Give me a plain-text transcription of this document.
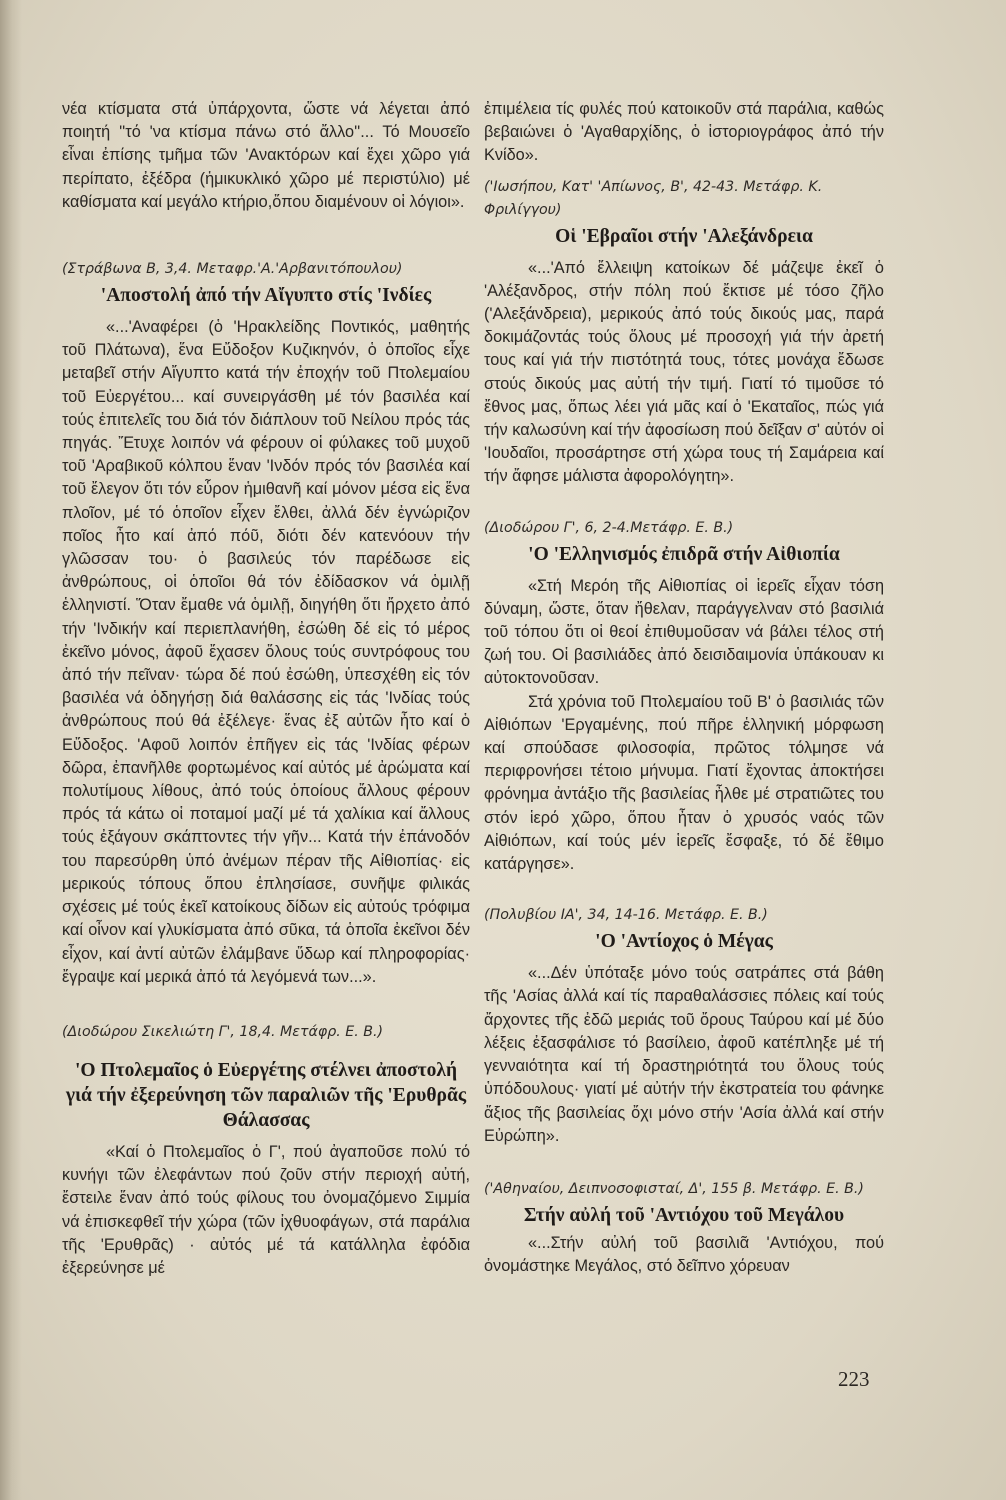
νέα κτίσματα στά ὑπάρχοντα, ὥστε νά λέγεται ἀπό ποιητή ''τό 'να κτίσμα πάνω στό ἄλλο''... Τό Μουσεῖο εἶναι ἐπίσης τμῆμα τῶν 'Ανακτόρων καί ἔχει χῶρο γιά περίπατο, ἐξέδρα (ἡμικυκλικό χῶρο μέ περιστύλιο) μέ καθίσματα καί μεγάλο κτήριο,ὅπου διαμένουν οἱ λόγιοι».

(Στράβωνα Β, 3,4. Μεταφρ.'Α.'Αρβανιτόπουλου)

'Αποστολή ἀπό τήν Αἴγυπτο στίς 'Ινδίες

«...'Αναφέρει (ὁ 'Ηρακλείδης Ποντικός, μαθητής τοῦ Πλάτωνα), ἕνα Εὔδοξον Κυζικηνόν, ὁ ὁποῖος εἶχε μεταβεῖ στήν Αἴγυπτο κατά τήν ἐποχήν τοῦ Πτολεμαίου τοῦ Εὐεργέτου... καί συνειργάσθη μέ τόν βασιλέα καί τούς ἐπιτελεῖς του διά τόν διάπλουν τοῦ Νείλου πρός τάς πηγάς. Ἔτυχε λοιπόν νά φέρουν οἱ φύλακες τοῦ μυχοῦ τοῦ 'Αραβικοῦ κόλπου ἕναν 'Ινδόν πρός τόν βασιλέα καί τοῦ ἔλεγον ὅτι τόν εὗρον ἡμιθανῆ καί μόνον μέσα εἰς ἕνα πλοῖον, μέ τό ὁποῖον εἶχεν ἔλθει, ἀλλά δέν ἐγνώριζον ποῖος ἦτο καί ἀπό πόῦ, διότι δέν κατενόουν τήν γλῶσσαν του· ὁ βασιλεύς τόν παρέδωσε εἰς ἀνθρώπους, οἱ ὁποῖοι θά τόν ἐδίδασκον νά ὁμιλῇ ἑλληνιστί. Ὅταν ἔμαθε νά ὁμιλῇ, διηγήθη ὅτι ἤρχετο ἀπό τήν 'Ινδικήν καί περιεπλανήθη, ἐσώθη δέ εἰς τό μέρος ἐκεῖνο μόνος, ἀφοῦ ἔχασεν ὅλους τούς συντρόφους του ἀπό τήν πεῖναν· τώρα δέ πού ἐσώθη, ὑπεσχέθη εἰς τόν βασιλέα νά ὁδηγήσῃ διά θαλάσσης εἰς τάς 'Ινδίας τούς ἀνθρώπους πού θά ἐξέλεγε· ἕνας ἐξ αὐτῶν ἦτο καί ὁ Εὔδοξος. 'Αφοῦ λοιπόν ἐπῆγεν εἰς τάς 'Ινδίας φέρων δῶρα, ἐπανῆλθε φορτωμένος καί αὐτός μέ ἀρώματα καί πολυτίμους λίθους, ἀπό τούς ὁποίους ἄλλους φέρουν πρός τά κάτω οἱ ποταμοί μαζί μέ τά χαλίκια καί ἄλλους τούς ἐξάγουν σκάπτοντες τήν γῆν... Κατά τήν ἐπάνοδόν του παρεσύρθη ὑπό ἀνέμων πέραν τῆς Αἰθιοπίας· εἰς μερικούς τόπους ὅπου ἐπλησίασε, συνῆψε φιλικάς σχέσεις μέ τούς ἐκεῖ κατοίκους δίδων εἰς αὐτούς τρόφιμα καί οἶνον καί γλυκίσματα ἀπό σῦκα, τά ὁποῖα ἐκεῖνοι δέν εἶχον, καί ἀντί αὐτῶν ἐλάμβανε ὕδωρ καί πληροφορίας· ἔγραψε καί μερικά ἀπό τά λεγόμενά των...».

(Διοδώρου Σικελιώτη Γ', 18,4. Μετάφρ. Ε. Β.)

'Ο Πτολεμαῖος ὁ Εὐεργέτης στέλνει ἀποστολή γιά τήν ἐξερεύνηση τῶν παραλιῶν τῆς 'Ερυθρᾶς Θάλασσας

«Καί ὁ Πτολεμαῖος ὁ Γ', πού ἀγαποῦσε πολύ τό κυνήγι τῶν ἐλεφάντων πού ζοῦν στήν περιοχή αὐτή, ἔστειλε ἕναν ἀπό τούς φίλους του ὀνομαζόμενο Σιμμία νά ἐπισκεφθεῖ τήν χώρα (τῶν ἰχθυοφάγων, στά παράλια τῆς 'Ερυθρᾶς) · αὐτός μέ τά κατάλληλα ἐφόδια ἐξερεύνησε μέ

ἐπιμέλεια τίς φυλές πού κατοικοῦν στά παράλια, καθώς βεβαιώνει ὁ 'Αγαθαρχίδης, ὁ ἱστοριογράφος ἀπό τήν Κνίδο».

('Ιωσήπου, Κατ' 'Απίωνος, Β', 42-43. Μετάφρ. Κ. Φριλίγγου)

Οἱ 'Εβραῖοι στήν 'Αλεξάνδρεια

«...'Από ἔλλειψη κατοίκων δέ μάζεψε ἐκεῖ ὁ 'Αλέξανδρος, στήν πόλη πού ἔκτισε μέ τόσο ζῆλο ('Αλεξάνδρεια), μερικούς ἀπό τούς δικούς μας, παρά δοκιμάζοντάς τούς ὅλους μέ προσοχή γιά τήν ἀρετή τους καί γιά τήν πιστότητά τους, τότες μονάχα ἔδωσε στούς δικούς μας αὐτή τήν τιμή. Γιατί τό τιμοῦσε τό ἔθνος μας, ὅπως λέει γιά μᾶς καί ὁ 'Εκαταῖος, πώς γιά τήν καλωσύνη καί τήν ἀφοσίωση πού δεῖξαν σ' αὐτόν οἱ 'Ιουδαῖοι, προσάρτησε στή χώρα τους τή Σαμάρεια καί τήν ἄφησε μάλιστα ἀφορολόγητη».

(Διοδώρου Γ', 6, 2-4.Μετάφρ. Ε. Β.)

'Ο 'Ελληνισμός ἐπιδρᾶ στήν Αἰθιοπία

«Στή Μερόη τῆς Αἰθιοπίας οἱ ἱερεῖς εἶχαν τόση δύναμη, ὥστε, ὅταν ἤθελαν, παράγγελναν στό βασιλιά τοῦ τόπου ὅτι οἱ θεοί ἐπιθυμοῦσαν νά βάλει τέλος στή ζωή του. Οἱ βασιλιάδες ἀπό δεισιδαιμονία ὑπάκουαν κι αὐτοκτονοῦσαν.

Στά χρόνια τοῦ Πτολεμαίου τοῦ Β' ὁ βασιλιάς τῶν Αἰθιόπων 'Εργαμένης, πού πῆρε ἑλληνική μόρφωση καί σπούδασε φιλοσοφία, πρῶτος τόλμησε νά περιφρονήσει τέτοιο μήνυμα. Γιατί ἔχοντας ἀποκτήσει φρόνημα ἀντάξιο τῆς βασιλείας ἦλθε μέ στρατιῶτες του στόν ἱερό χῶρο, ὅπου ἦταν ὁ χρυσός ναός τῶν Αἰθιόπων, καί τούς μέν ἱερεῖς ἔσφαξε, τό δέ ἔθιμο κατάργησε».

(Πολυβίου ΙΑ', 34, 14-16. Μετάφρ. Ε. Β.)

'Ο 'Αντίοχος ὁ Μέγας

«...Δέν ὑπόταξε μόνο τούς σατράπες στά βάθη τῆς 'Ασίας ἀλλά καί τίς παραθαλάσσιες πόλεις καί τούς ἄρχοντες τῆς ἐδῶ μεριάς τοῦ ὄρους Ταύρου καί μέ δύο λέξεις ἐξασφάλισε τό βασίλειο, ἀφοῦ κατέπληξε μέ τή γενναιότητα καί τή δραστηριότητά του ὅλους τούς ὑπόδουλους· γιατί μέ αὐτήν τήν ἐκστρατεία του φάνηκε ἄξιος τῆς βασιλείας ὄχι μόνο στήν 'Ασία ἀλλά καί στήν Εὐρώπη».

('Αθηναίου, Δειπνοσοφισταί, Δ', 155 β. Μετάφρ. Ε. Β.)

Στήν αὐλή τοῦ 'Αντιόχου τοῦ Μεγάλου

«...Στήν αὐλή τοῦ βασιλιᾶ 'Αντιόχου, πού ὀνομάστηκε Μεγάλος, στό δεῖπνο χόρευαν

223
